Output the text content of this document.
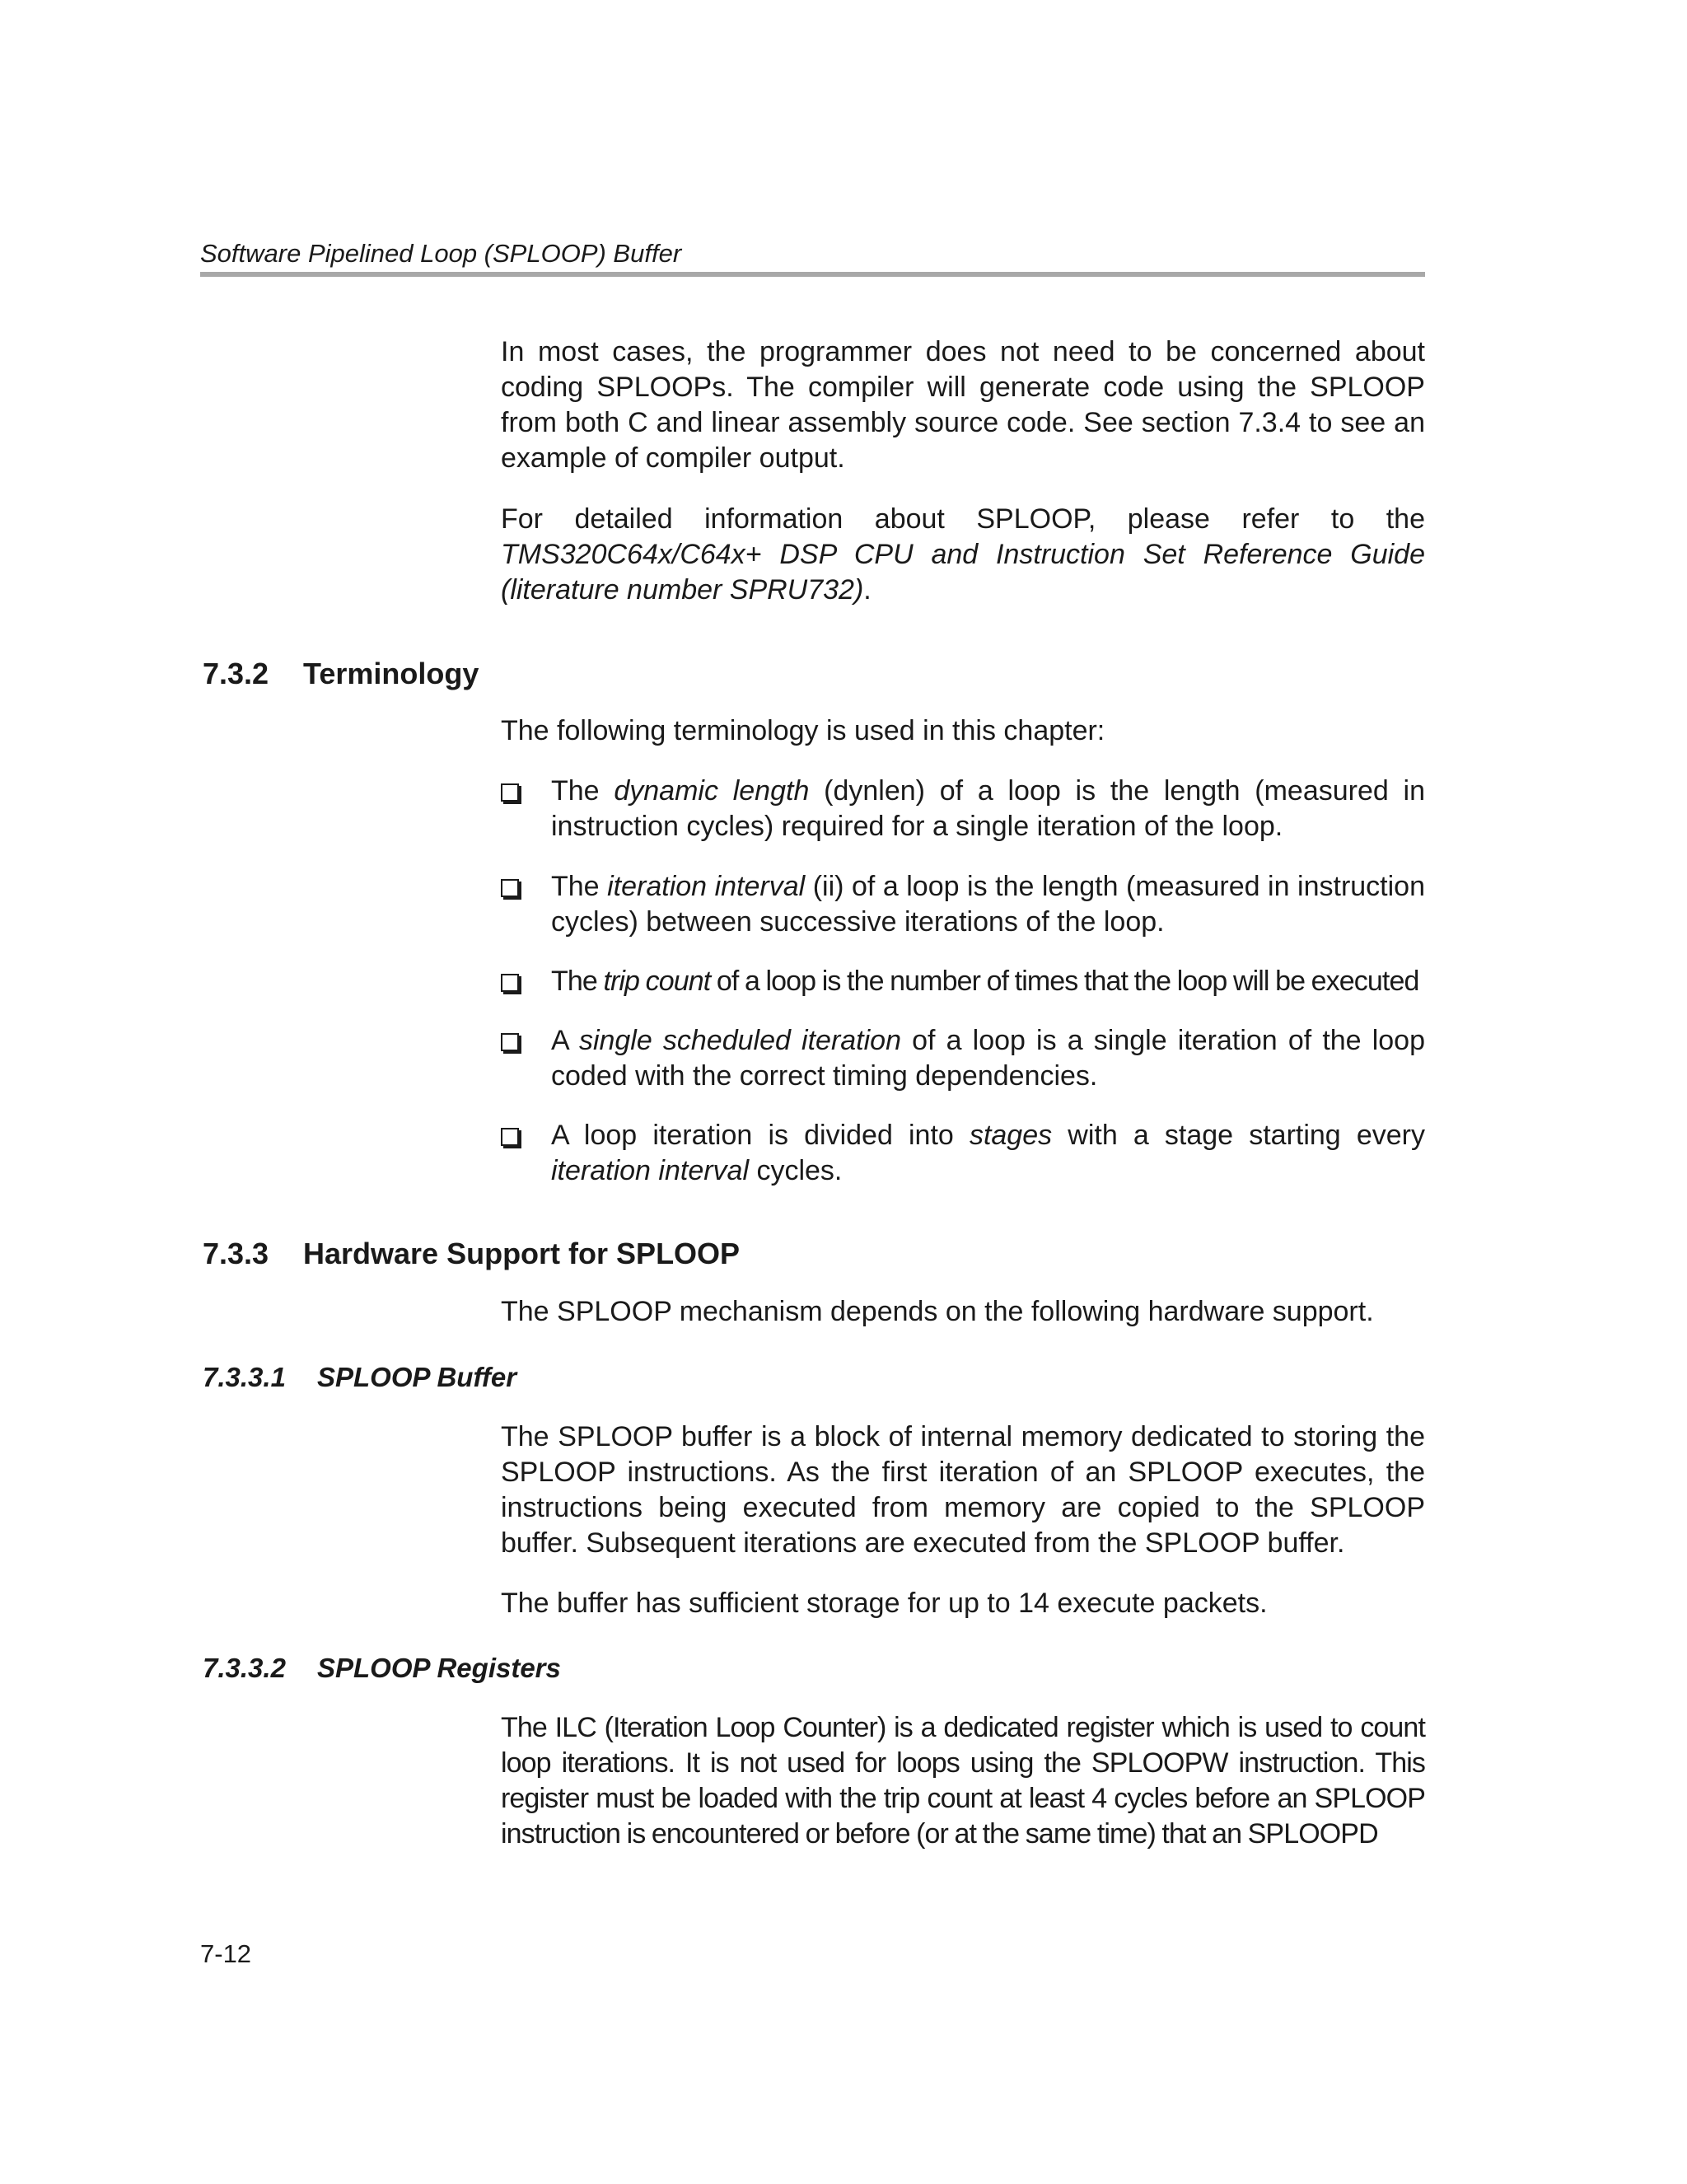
Software Pipelined Loop (SPLOOP) Buffer

In most cases, the programmer does not need to be concerned about coding SPLOOPs. The compiler will generate code using the SPLOOP from both C and linear assembly source code. See section 7.3.4 to see an example of compiler output.

For detailed information about SPLOOP, please refer to the TMS320C64x/C64x+ DSP CPU and Instruction Set Reference Guide (literature number SPRU732).

7.3.2 Terminology

The following terminology is used in this chapter:

The dynamic length (dynlen) of a loop is the length (measured in instruction cycles) required for a single iteration of the loop.
The iteration interval (ii) of a loop is the length (measured in instruction cycles) between successive iterations of the loop.
The trip count of a loop is the number of times that the loop will be executed
A single scheduled iteration of a loop is a single iteration of the loop coded with the correct timing dependencies.
A loop iteration is divided into stages with a stage starting every iteration interval cycles.
7.3.3 Hardware Support for SPLOOP

The SPLOOP mechanism depends on the following hardware support.

7.3.3.1 SPLOOP Buffer

The SPLOOP buffer is a block of internal memory dedicated to storing the SPLOOP instructions. As the first iteration of an SPLOOP executes, the instructions being executed from memory are copied to the SPLOOP buffer. Subsequent iterations are executed from the SPLOOP buffer.

The buffer has sufficient storage for up to 14 execute packets.

7.3.3.2 SPLOOP Registers

The ILC (Iteration Loop Counter) is a dedicated register which is used to count loop iterations. It is not used for loops using the SPLOOPW instruction. This register must be loaded with the trip count at least 4 cycles before an SPLOOP instruction is encountered or before (or at the same time) that an SPLOOPD

7-12
